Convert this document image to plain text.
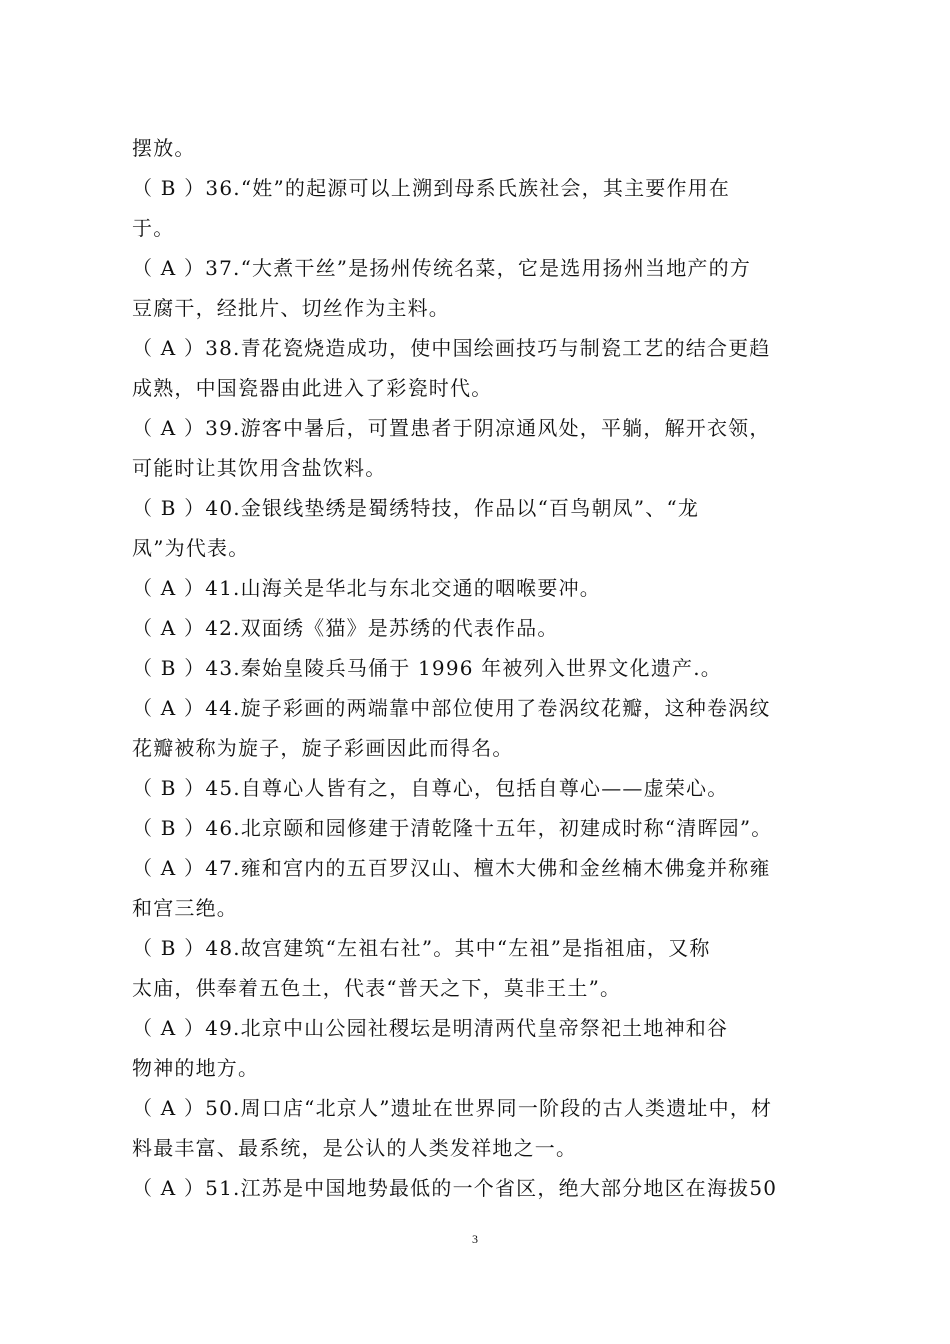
摆放。
（ B ）36.“姓”的起源可以上溯到母系氏族社会，其主要作用在
于。
（ A ）37.“大煮干丝”是扬州传统名菜，它是选用扬州当地产的方
豆腐干，经批片、切丝作为主料。
（ A ）38.青花瓷烧造成功，使中国绘画技巧与制瓷工艺的结合更趋
成熟，中国瓷器由此进入了彩瓷时代。
（ A ）39.游客中暑后，可置患者于阴凉通风处，平躺，解开衣领，
可能时让其饮用含盐饮料。
（ B ）40.金银线垫绣是蜀绣特技，作品以“百鸟朝凤”、“龙
凤”为代表。
（ A ）41.山海关是华北与东北交通的咽喉要冲。
（ A ）42.双面绣《猫》是苏绣的代表作品。
（ B ）43.秦始皇陵兵马俑于 1996 年被列入世界文化遗产.。
（ A ）44.旋子彩画的两端靠中部位使用了卷涡纹花瓣，这种卷涡纹
花瓣被称为旋子，旋子彩画因此而得名。
（ B ）45.自尊心人皆有之，自尊心，包括自尊心——虚荣心。
（ B ）46.北京颐和园修建于清乾隆十五年，初建成时称“清晖园”。
（ A ）47.雍和宫内的五百罗汉山、檀木大佛和金丝楠木佛龛并称雍
和宫三绝。
（ B ）48.故宫建筑“左祖右社”。其中“左祖”是指祖庙，又称
太庙，供奉着五色土，代表“普天之下，莫非王土”。
（ A ）49.北京中山公园社稷坛是明清两代皇帝祭祀土地神和谷
物神的地方。
（ A ）50.周口店“北京人”遗址在世界同一阶段的古人类遗址中，材
料最丰富、最系统，是公认的人类发祥地之一。
（ A ）51.江苏是中国地势最低的一个省区，绝大部分地区在海拔50
3
